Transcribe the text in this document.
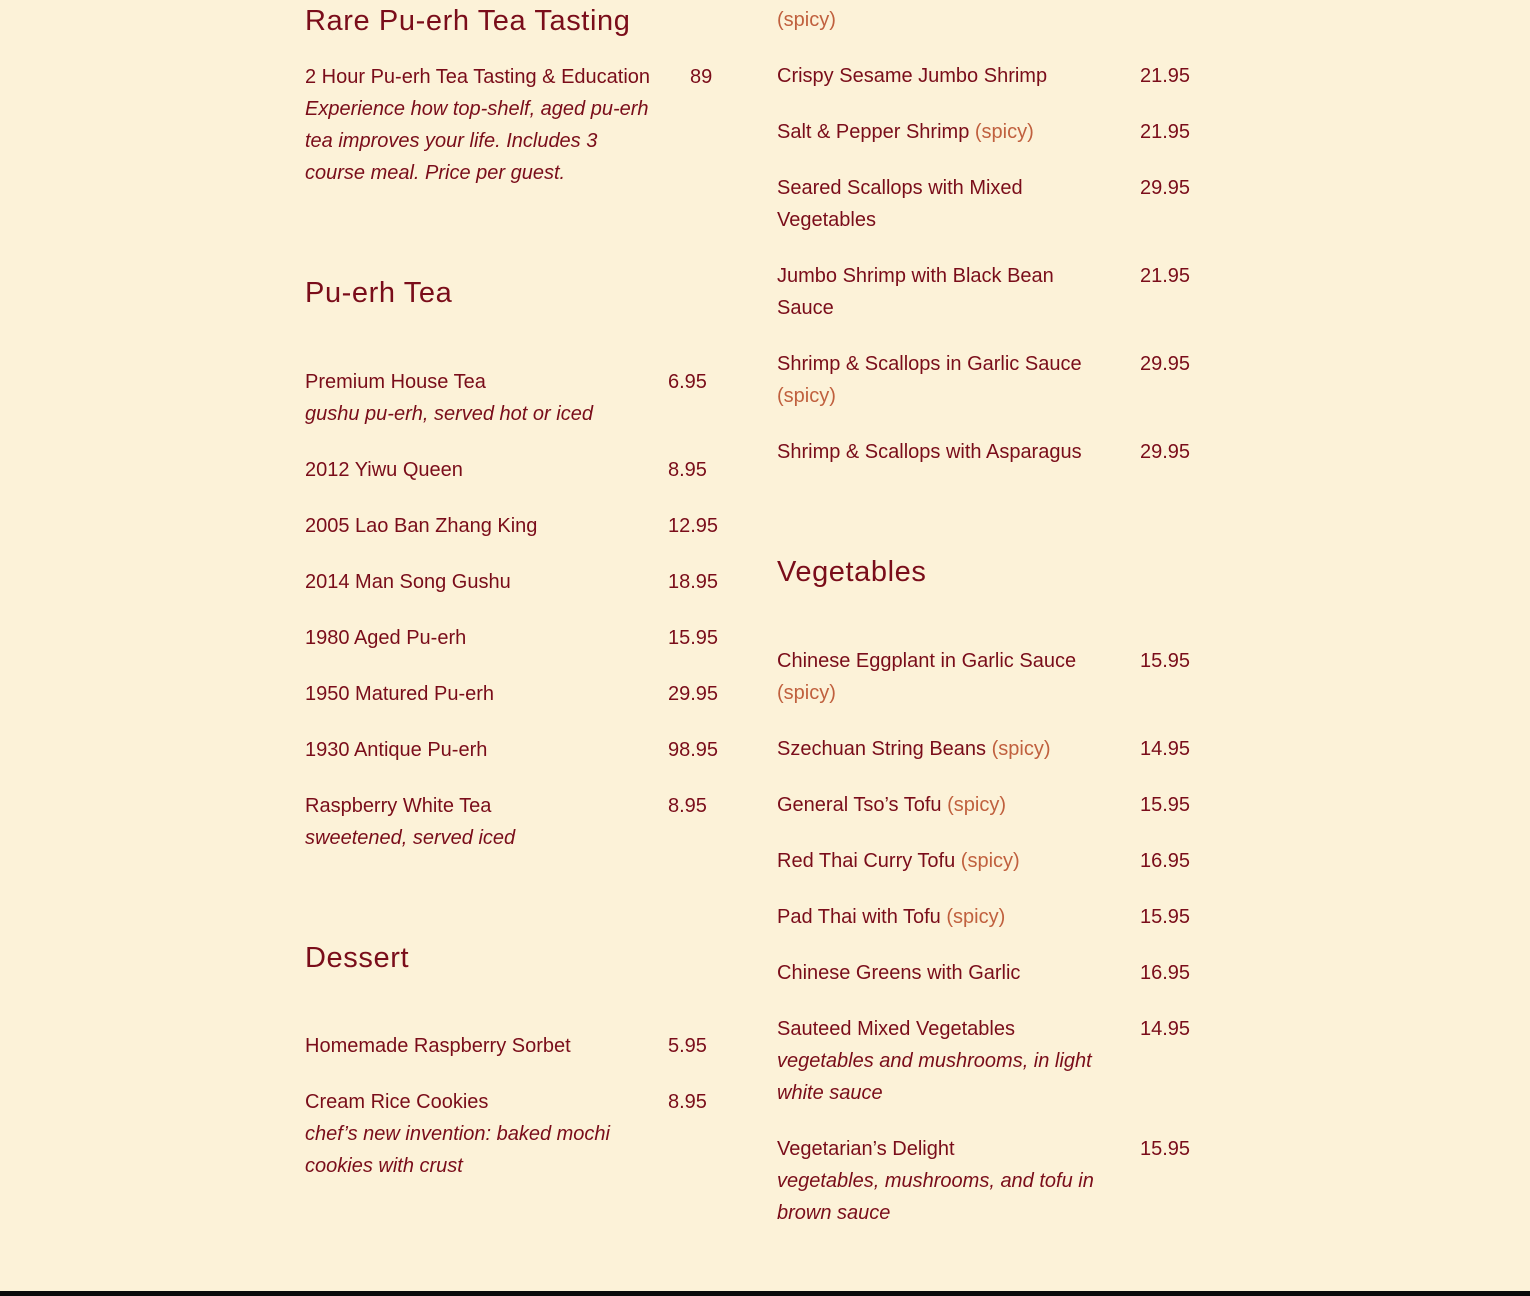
Rare Pu-erh Tea Tasting
2 Hour Pu-erh Tea Tasting & Education
Experience how top-shelf, aged pu-erh tea improves your life. Includes 3 course meal. Price per guest.
89
Pu-erh Tea
Premium House Tea
gushu pu-erh, served hot or iced
6.95
2012 Yiwu Queen	8.95
2005 Lao Ban Zhang King	12.95
2014 Man Song Gushu	18.95
1980 Aged Pu-erh	15.95
1950 Matured Pu-erh	29.95
1930 Antique Pu-erh	98.95
Raspberry White Tea
sweetened, served iced
8.95
Dessert
Homemade Raspberry Sorbet	5.95
Cream Rice Cookies
chef’s new invention: baked mochi cookies with crust
8.95
(spicy)
Crispy Sesame Jumbo Shrimp	21.95
Salt & Pepper Shrimp (spicy)	21.95
Seared Scallops with Mixed Vegetables
29.95
Jumbo Shrimp with Black Bean Sauce
21.95
Shrimp & Scallops in Garlic Sauce
(spicy)
29.95
Shrimp & Scallops with Asparagus	29.95
Vegetables
Chinese Eggplant in Garlic Sauce
(spicy)
15.95
Szechuan String Beans (spicy)	14.95
General Tso’s Tofu (spicy)	15.95
Red Thai Curry Tofu (spicy)	16.95
Pad Thai with Tofu (spicy)	15.95
Chinese Greens with Garlic	16.95
Sauteed Mixed Vegetables
vegetables and mushrooms, in light white sauce
14.95
Vegetarian’s Delight
vegetables, mushrooms, and tofu in brown sauce
15.95
